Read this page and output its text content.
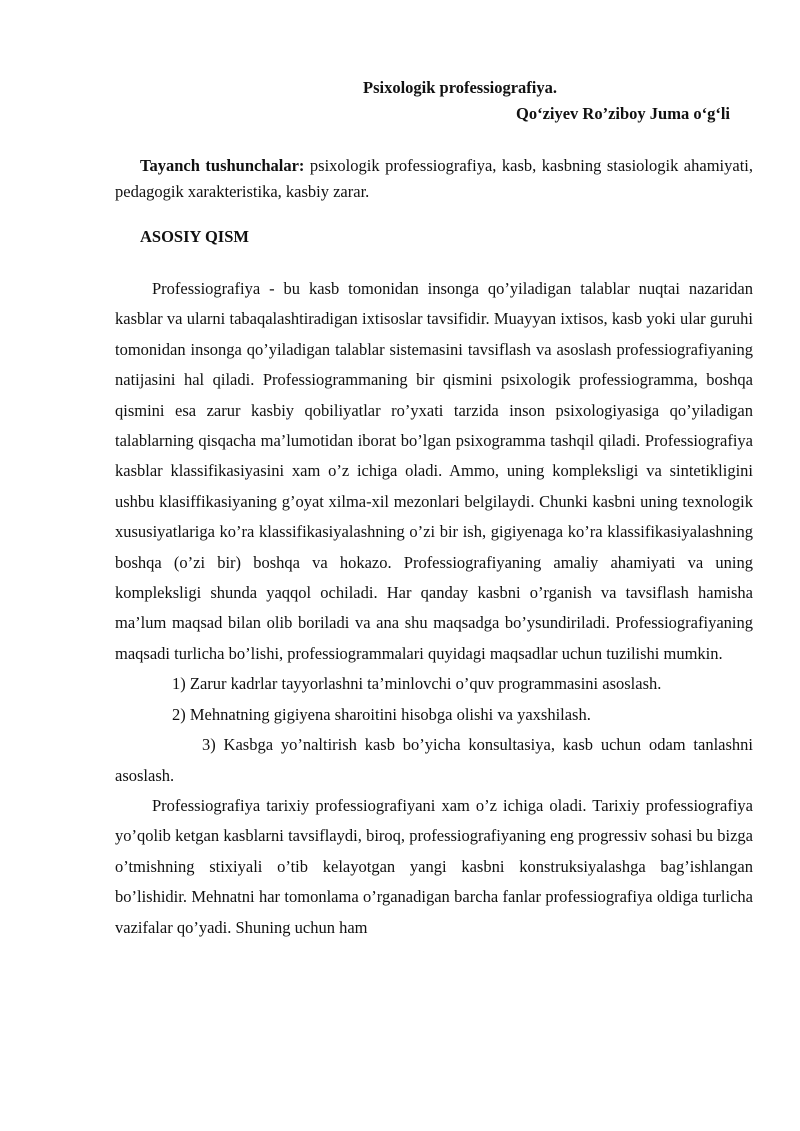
Psixologik professiografiya.
Qo‘ziyev Ro’ziboy Juma o‘g‘li
Tayanch tushunchalar: psixologik professiografiya, kasb, kasbning stasiologik ahamiyati, pedagogik xarakteristika, kasbiy zarar.
ASOSIY QISM

Professiografiya - bu kasb tomonidan insonga qo’yiladigan talablar nuqtai nazaridan kasblar va ularni tabaqalashtiradigan ixtisoslar tavsifidir. Muayyan ixtisos, kasb yoki ular guruhi tomonidan insonga qo’yiladigan talablar sistemasini tavsiflash va asoslash professiografiyaning natijasini hal qiladi. Professiogrammaning bir qismini psixologik professiogramma, boshqa qismini esa zarur kasbiy qobiliyatlar ro’yxati tarzida inson psixologiyasiga qo’yiladigan talablarning qisqacha ma’lumotidan iborat bo’lgan psixogramma tashqil qiladi. Professiografiya kasblar klassifikasiyasini xam o’z ichiga oladi. Ammo, uning kompleksligi va sintetikligini ushbu klasiffikasiyaning g’oyat xilma-xil mezonlari belgilaydi. Chunki kasbni uning texnologik xususiyatlariga ko’ra klassifikasiyalashning o’zi bir ish, gigiyenaga ko’ra klassifikasiyalashning boshqa (o’zi bir) boshqa va hokazo. Professiografiyaning amaliy ahamiyati va uning kompleksligi shunda yaqqol ochiladi. Har qanday kasbni o’rganish va tavsiflash hamisha ma’lum maqsad bilan olib boriladi va ana shu maqsadga bo’ysundiriladi. Professiografiyaning maqsadi turlicha bo’lishi, professiogrammalari quyidagi maqsadlar uchun tuzilishi mumkin.

1) Zarur kadrlar tayyorlashni ta’minlovchi o’quv programmasini asoslash.

2) Mehnatning gigiyena sharoitini hisobga olishi va yaxshilash.

3) Kasbga yo’naltirish kasb bo’yicha konsultasiya, kasb uchun odam tanlashni asoslash.

Professiografiya tarixiy professiografiyani xam o’z ichiga oladi. Tarixiy professiografiya yo’qolib ketgan kasblarni tavsiflaydi, biroq, professiografiyaning eng progressiv sohasi bu bizga o’tmishning stixiyali o’tib kelayotgan yangi kasbni konstruksiyalashga bag’ishlangan bo’lishidir. Mehnatni har tomonlama o’rganadigan barcha fanlar professiografiya oldiga turlicha vazifalar qo’yadi. Shuning uchun ham
